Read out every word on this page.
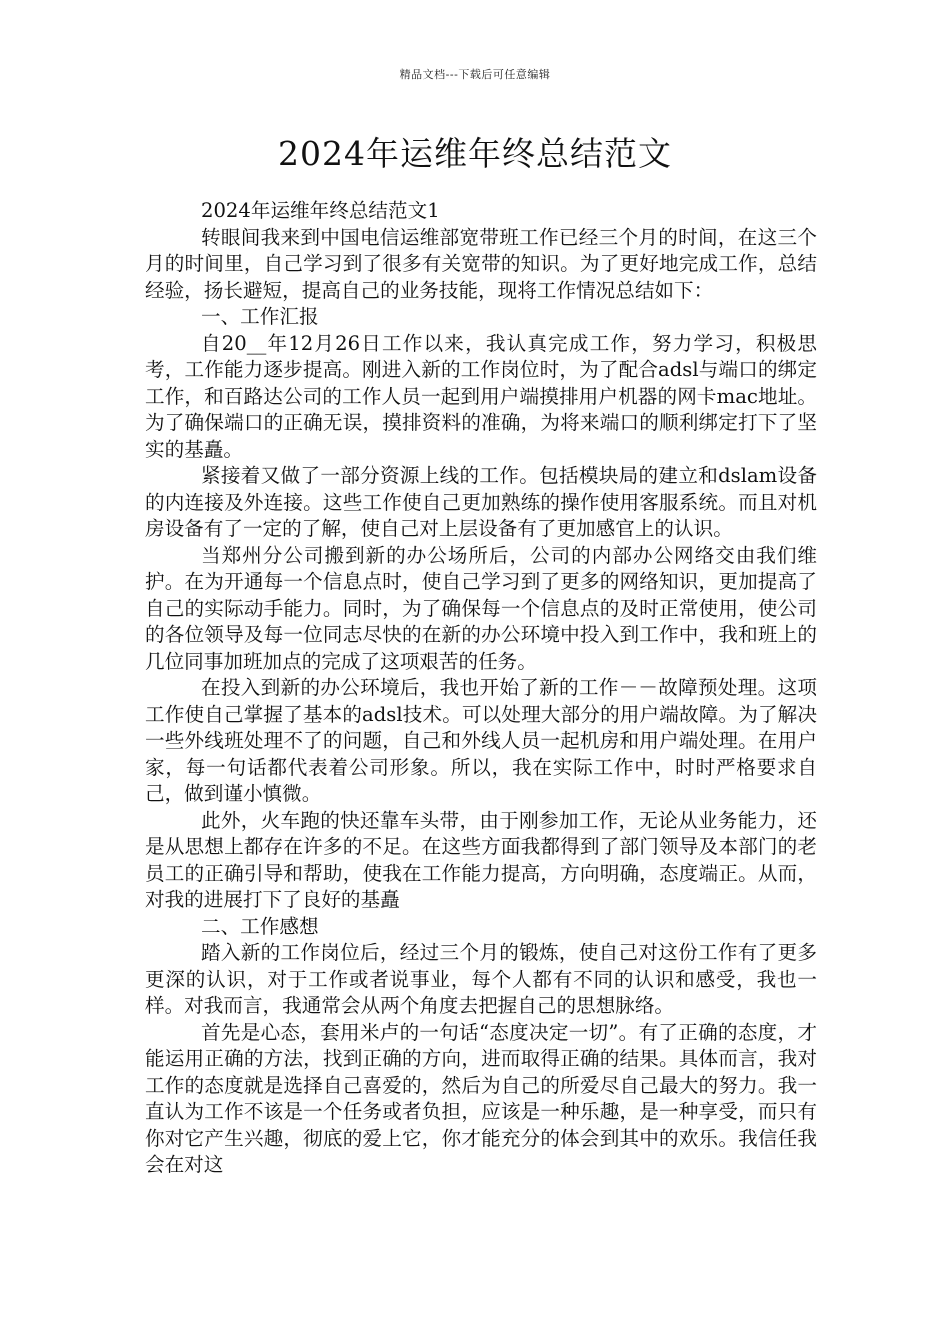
精品文档---下载后可任意编辑
2024年运维年终总结范文

2024年运维年终总结范文1

转眼间我来到中国电信运维部宽带班工作已经三个月的时间，在这三个月的时间里，自己学习到了很多有关宽带的知识。为了更好地完成工作，总结经验，扬长避短，提高自己的业务技能，现将工作情况总结如下：

一、工作汇报

自20__年12月26日工作以来，我认真完成工作，努力学习，积极思考，工作能力逐步提高。刚进入新的工作岗位时，为了配合adsl与端口的绑定工作，和百路达公司的工作人员一起到用户端摸排用户机器的网卡mac地址。为了确保端口的正确无误，摸排资料的准确，为将来端口的顺利绑定打下了坚实的基矗。

紧接着又做了一部分资源上线的工作。包括模块局的建立和dslam设备的内连接及外连接。这些工作使自己更加熟练的操作使用客服系统。而且对机房设备有了一定的了解，使自己对上层设备有了更加感官上的认识。

当郑州分公司搬到新的办公场所后，公司的内部办公网络交由我们维护。在为开通每一个信息点时，使自己学习到了更多的网络知识，更加提高了自己的实际动手能力。同时，为了确保每一个信息点的及时正常使用，使公司的各位领导及每一位同志尽快的在新的办公环境中投入到工作中，我和班上的几位同事加班加点的完成了这项艰苦的任务。

在投入到新的办公环境后，我也开始了新的工作－－故障预处理。这项工作使自己掌握了基本的adsl技术。可以处理大部分的用户端故障。为了解决一些外线班处理不了的问题，自己和外线人员一起机房和用户端处理。在用户家，每一句话都代表着公司形象。所以，我在实际工作中，时时严格要求自己，做到谨小慎微。

此外，火车跑的快还靠车头带，由于刚参加工作，无论从业务能力，还是从思想上都存在许多的不足。在这些方面我都得到了部门领导及本部门的老员工的正确引导和帮助，使我在工作能力提高，方向明确，态度端正。从而，对我的进展打下了良好的基矗

二、工作感想

踏入新的工作岗位后，经过三个月的锻炼，使自己对这份工作有了更多更深的认识，对于工作或者说事业，每个人都有不同的认识和感受，我也一样。对我而言，我通常会从两个角度去把握自己的思想脉络。

首先是心态，套用米卢的一句话“态度决定一切”。有了正确的态度，才能运用正确的方法，找到正确的方向，进而取得正确的结果。具体而言，我对工作的态度就是选择自己喜爱的，然后为自己的所爱尽自己最大的努力。我一直认为工作不该是一个任务或者负担，应该是一种乐趣，是一种享受，而只有你对它产生兴趣，彻底的爱上它，你才能充分的体会到其中的欢乐。我信任我会在对这
